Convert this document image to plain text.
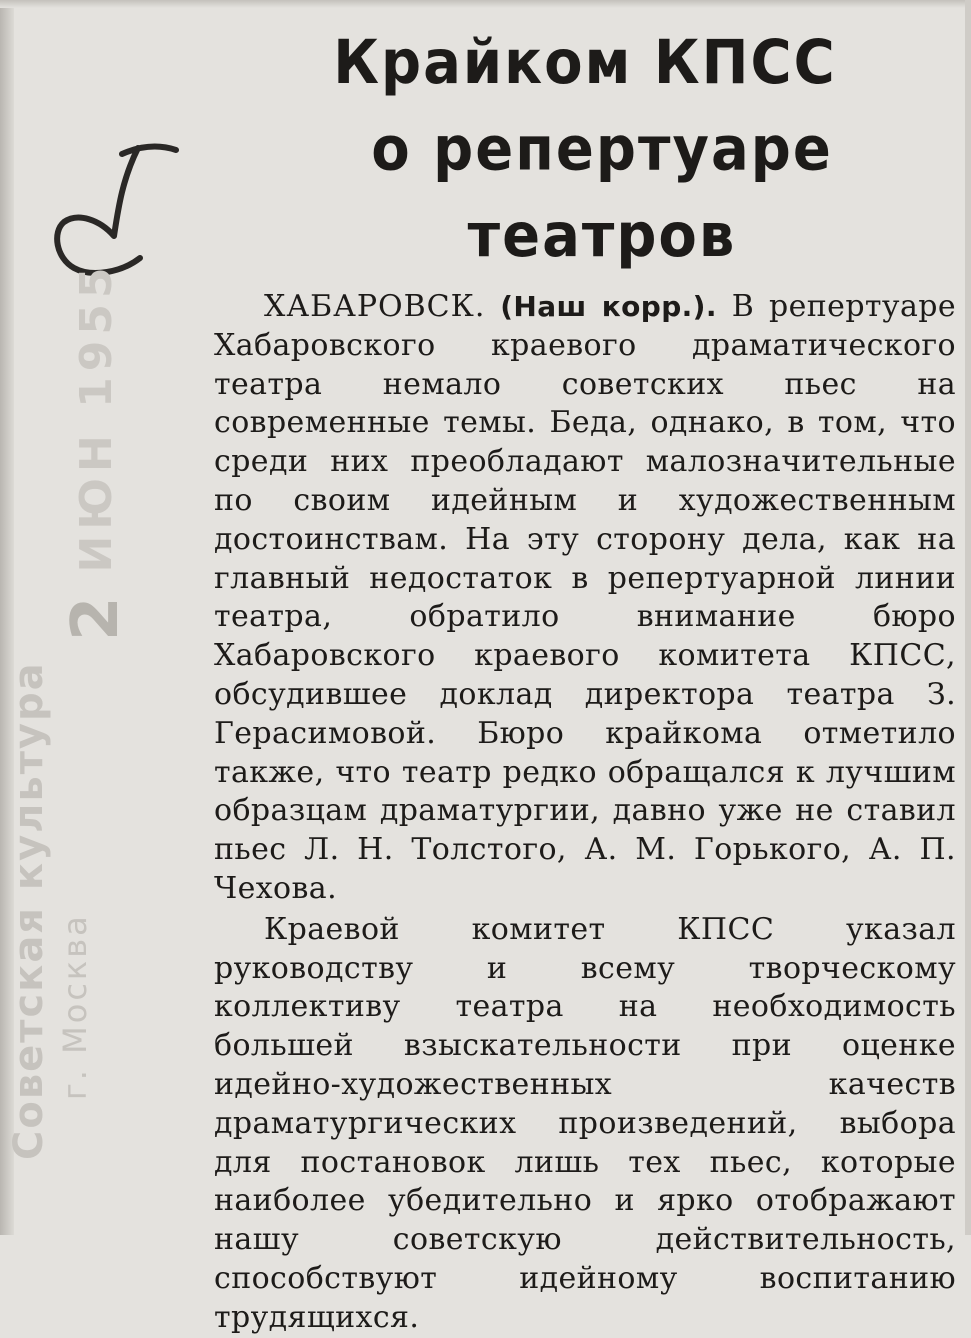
2
ИЮН 1955
Советская культура г. Москва
Крайком КПСС
о репертуаре театров

ХАБАРОВСК. (Наш корр.). В репертуаре Хабаровского краевого драматического театра немало советских пьес на современные темы. Беда, однако, в том, что среди них преобладают малозначительные по своим идейным и художественным достоинствам. На эту сторону дела, как на главный недостаток в репертуарной линии театра, обратило внимание бюро Хабаровского краевого комитета КПСС, обсудившее доклад директора театра З. Герасимовой. Бюро крайкома отметило также, что театр редко обращался к лучшим образцам драматургии, давно уже не ставил пьес Л. Н. Толстого, А. М. Горького, А. П. Чехова.

Краевой комитет КПСС указал руководству и всему творческому коллективу театра на необходимость большей взыскательности при оценке идейно-художественных качеств драматургических произведений, выбора для постановок лишь тех пьес, которые наиболее убедительно и ярко отображают нашу советскую действительность, способствуют идейному воспитанию трудящихся.
